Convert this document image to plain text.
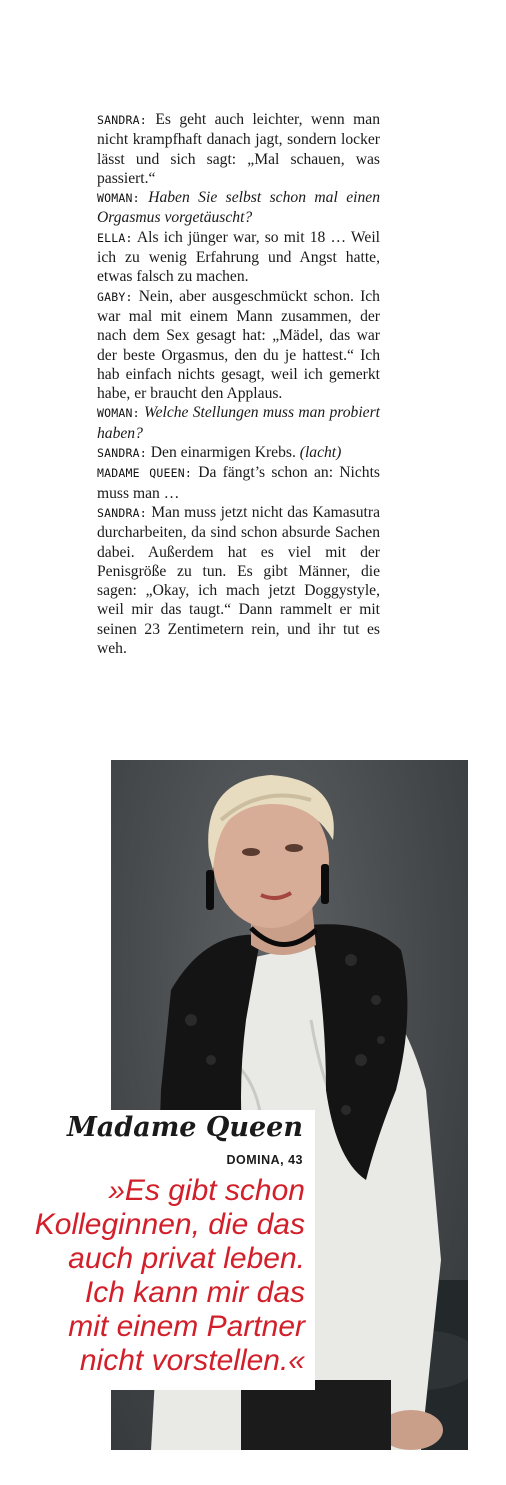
SANDRA: Es geht auch leichter, wenn man nicht krampfhaft danach jagt, sondern locker lässt und sich sagt: „Mal schauen, was passiert.“

WOMAN: Haben Sie selbst schon mal einen Orgasmus vorgetäuscht?

ELLA: Als ich jünger war, so mit 18 … Weil ich zu wenig Erfahrung und Angst hatte, etwas falsch zu machen.

GABY: Nein, aber ausgeschmückt schon. Ich war mal mit einem Mann zusammen, der nach dem Sex gesagt hat: „Mädel, das war der beste Orgasmus, den du je hattest.“ Ich hab einfach nichts gesagt, weil ich gemerkt habe, er braucht den Applaus.

WOMAN: Welche Stellungen muss man probiert haben?

SANDRA: Den einarmigen Krebs. (lacht)

MADAME QUEEN: Da fängt’s schon an: Nichts muss man …

SANDRA: Man muss jetzt nicht das Kamasutra durcharbeiten, da sind schon absurde Sachen dabei. Außerdem hat es viel mit der Penisgröße zu tun. Es gibt Männer, die sagen: „Okay, ich mach jetzt Doggystyle, weil mir das taugt.“ Dann rammelt er mit seinen 23 Zentimetern rein, und ihr tut es weh.

Madame Queen
DOMINA, 43
»Es gibt schon
Kolleginnen, die das
auch privat leben.
Ich kann mir das
mit einem Partner
nicht vorstellen.«
